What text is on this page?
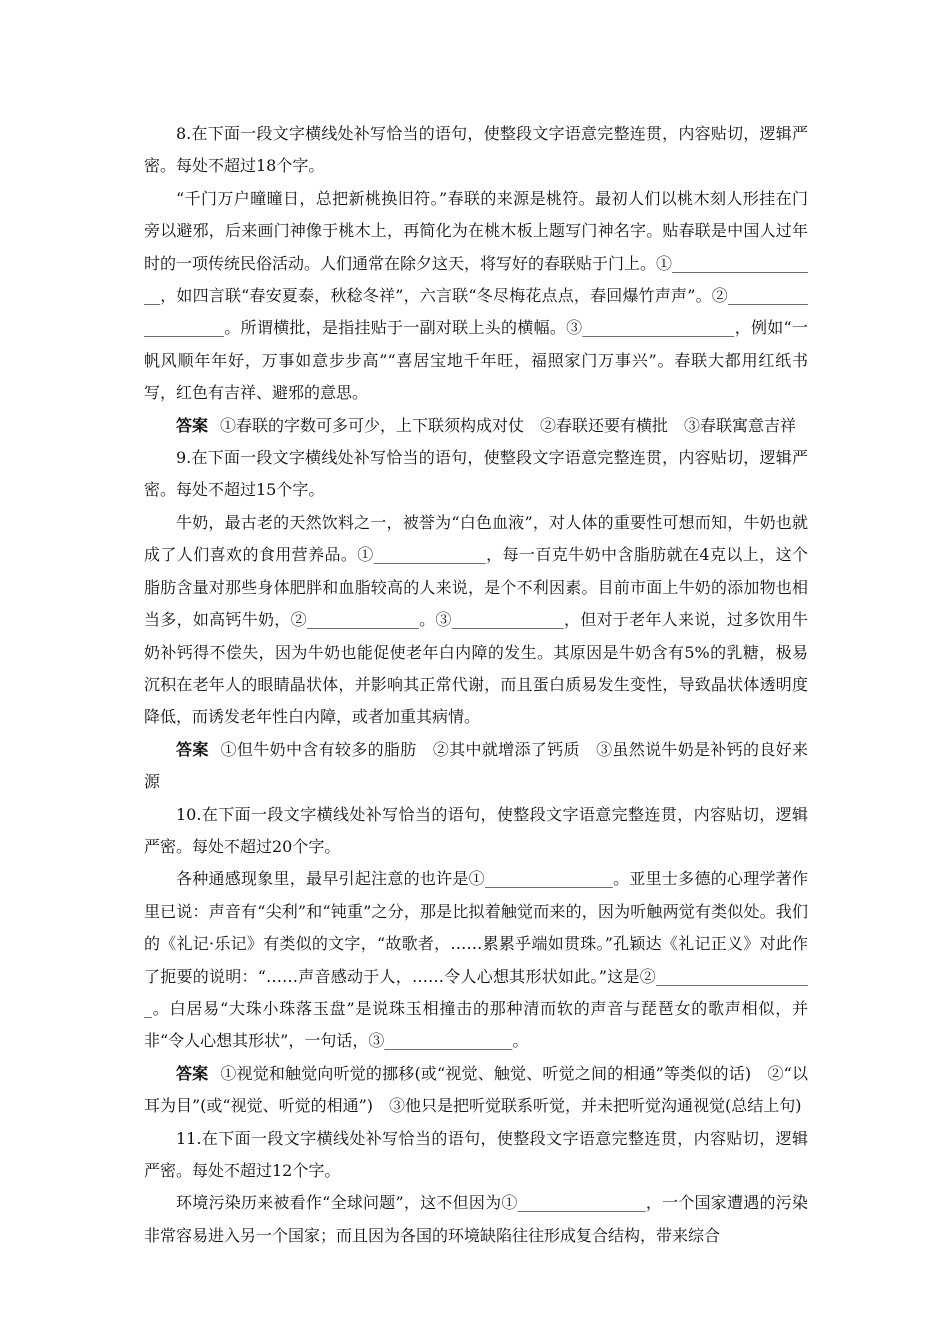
8.在下面一段文字横线处补写恰当的语句，使整段文字语意完整连贯，内容贴切，逻辑严密。每处不超过18个字。

“千门万户曈曈日，总把新桃换旧符。”春联的来源是桃符。最初人们以桃木刻人形挂在门旁以避邪，后来画门神像于桃木上，再简化为在桃木板上题写门神名字。贴春联是中国人过年时的一项传统民俗活动。人们通常在除夕这天，将写好的春联贴于门上。①___________________，如四言联“春安夏泰，秋稔冬祥”，六言联“冬尽梅花点点，春回爆竹声声”。②____________________。所谓横批，是指挂贴于一副对联上头的横幅。③___________________，例如“一帆风顺年年好，万事如意步步高”“喜居宝地千年旺，福照家门万事兴”。春联大都用红纸书写，红色有吉祥、避邪的意思。

答案 ①春联的字数可多可少，上下联须构成对仗　②春联还要有横批　③春联寓意吉祥

9.在下面一段文字横线处补写恰当的语句，使整段文字语意完整连贯，内容贴切，逻辑严密。每处不超过15个字。

牛奶，最古老的天然饮料之一，被誉为“白色血液”，对人体的重要性可想而知，牛奶也就成了人们喜欢的食用营养品。①______________，每一百克牛奶中含脂肪就在4克以上，这个脂肪含量对那些身体肥胖和血脂较高的人来说，是个不利因素。目前市面上牛奶的添加物也相当多，如高钙牛奶，②______________。③______________，但对于老年人来说，过多饮用牛奶补钙得不偿失，因为牛奶也能促使老年白内障的发生。其原因是牛奶含有5%的乳糖，极易沉积在老年人的眼睛晶状体，并影响其正常代谢，而且蛋白质易发生变性，导致晶状体透明度降低，而诱发老年性白内障，或者加重其病情。

答案 ①但牛奶中含有较多的脂肪　②其中就增添了钙质　③虽然说牛奶是补钙的良好来源

10.在下面一段文字横线处补写恰当的语句，使整段文字语意完整连贯，内容贴切，逻辑严密。每处不超过20个字。

各种通感现象里，最早引起注意的也许是①________________。亚里士多德的心理学著作里已说：声音有“尖利”和“钝重”之分，那是比拟着触觉而来的，因为听触两觉有类似处。我们的《礼记·乐记》有类似的文字，“故歌者，……累累乎端如贯珠。”孔颖达《礼记正义》对此作了扼要的说明：“……声音感动于人，……令人心想其形状如此。”这是②____________________。白居易“大珠小珠落玉盘”是说珠玉相撞击的那种清而软的声音与琵琶女的歌声相似，并非“令人心想其形状”，一句话，③________________。

答案 ①视觉和触觉向听觉的挪移(或“视觉、触觉、听觉之间的相通”等类似的话)　②“以耳为目”(或“视觉、听觉的相通”)　③他只是把听觉联系听觉，并未把听觉沟通视觉(总结上句)

11.在下面一段文字横线处补写恰当的语句，使整段文字语意完整连贯，内容贴切，逻辑严密。每处不超过12个字。

环境污染历来被看作“全球问题”，这不但因为①________________，一个国家遭遇的污染非常容易进入另一个国家；而且因为各国的环境缺陷往往形成复合结构，带来综合
